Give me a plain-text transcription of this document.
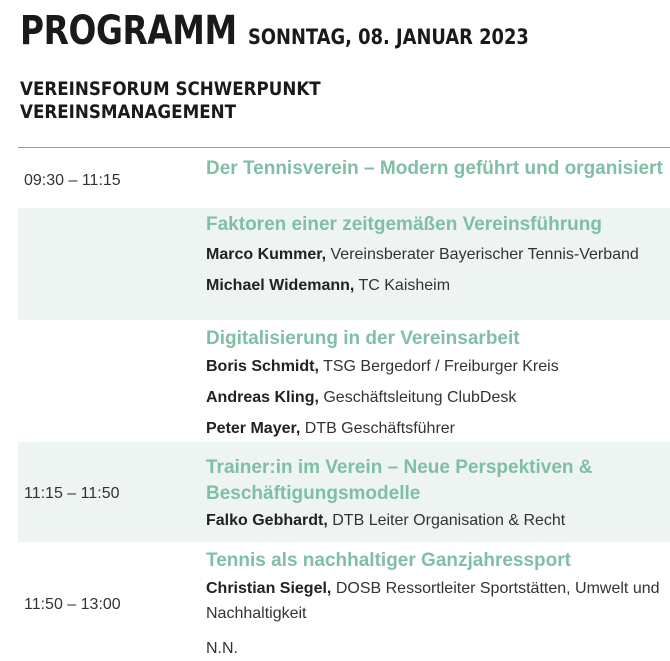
PROGRAMM SONNTAG, 08. JANUAR 2023
VEREINSFORUM SCHWERPUNKT
VEREINSMANAGEMENT
09:30 – 11:15
Der Tennisverein – Modern geführt und organisiert
Faktoren einer zeitgemäßen Vereinsführung
Marco Kummer, Vereinsberater Bayerischer Tennis-Verband
Michael Widemann, TC Kaisheim
Digitalisierung in der Vereinsarbeit
Boris Schmidt, TSG Bergedorf / Freiburger Kreis
Andreas Kling, Geschäftsleitung ClubDesk
Peter Mayer, DTB Geschäftsführer
11:15 – 11:50
Trainer:in im Verein – Neue Perspektiven & Beschäftigungsmodelle
Falko Gebhardt, DTB Leiter Organisation & Recht
11:50 – 13:00
Tennis als nachhaltiger Ganzjahressport
Christian Siegel, DOSB Ressortleiter Sportstätten, Umwelt und Nachhaltigkeit
N.N.
